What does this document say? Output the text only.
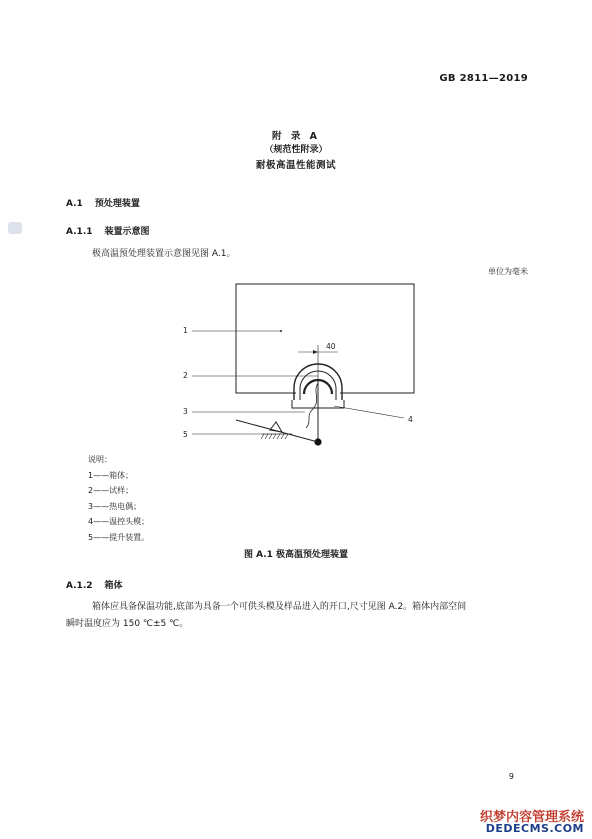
GB 2811—2019
附 录 A
（规范性附录）
耐极高温性能测试
A.1 预处理装置
A.1.1 装置示意图
极高温预处理装置示意图见图 A.1。
单位为毫米
40
1
2
3
4
5
说明：
1——箱体；
2——试样；
3——热电偶；
4——温控头模；
5——提升装置。
图 A.1 极高温预处理装置
A.1.2 箱体
箱体应具备保温功能,底部为具备一个可供头模及样品进入的开口,尺寸见图 A.2。箱体内部空间
瞬时温度应为 150 ℃±5 ℃。
9
织梦内容管理系统
DEDECMS.COM
